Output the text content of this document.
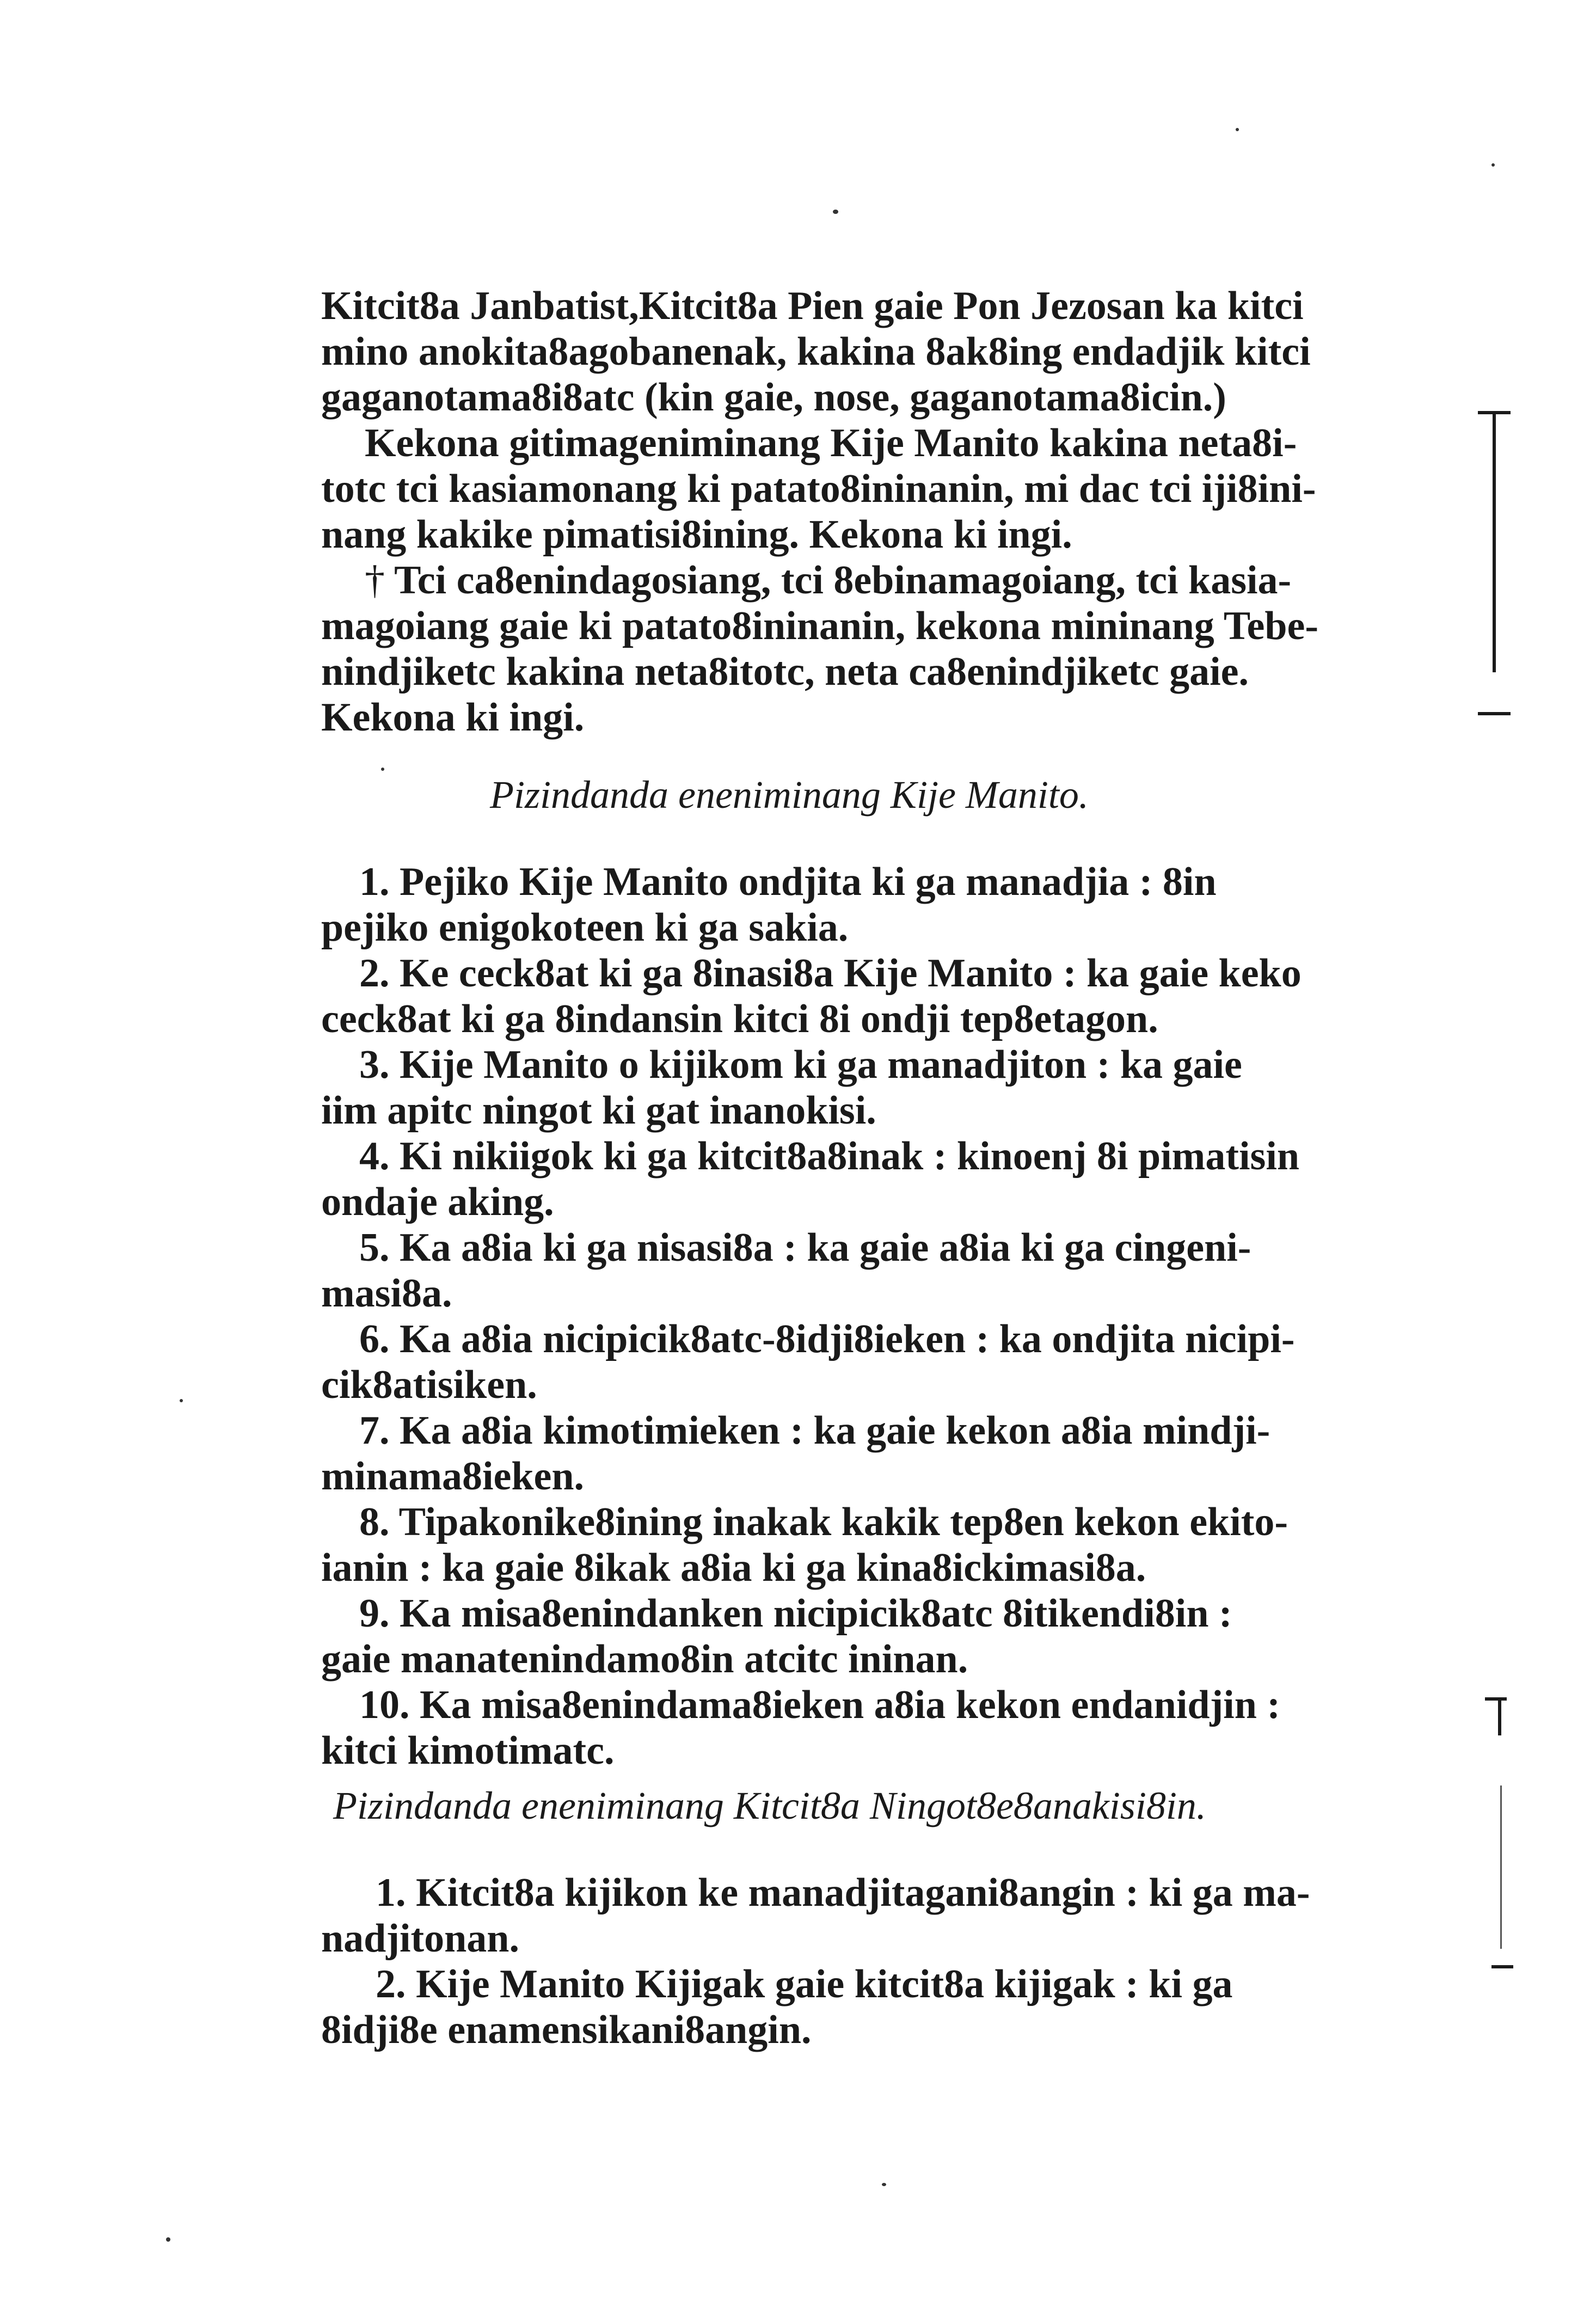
Kitcit8a Janbatist,Kitcit8a Pien gaie Pon Jezosan ka kitci
mino anokita8agobanenak, kakina 8ak8ing endadjik kitci
gaganotama8i8atc (kin gaie, nose, gaganotama8icin.)
Kekona gitimageniminang Kije Manito kakina neta8i-
totc tci kasiamonang ki patato8ininanin, mi dac tci iji8ini-
nang kakike pimatisi8ining. Kekona ki ingi.
† Tci ca8enindagosiang, tci 8ebinamagoiang, tci kasia-
magoiang gaie ki patato8ininanin, kekona mininang Tebe-
nindjiketc kakina neta8itotc, neta ca8enindjiketc gaie.
Kekona ki ingi.
Pizindanda eneniminang Kije Manito.
1. Pejiko Kije Manito ondjita ki ga manadjia : 8in
pejiko enigokoteen ki ga sakia.
2. Ke ceck8at ki ga 8inasi8a Kije Manito : ka gaie keko
ceck8at ki ga 8indansin kitci 8i ondji tep8etagon.
3. Kije Manito o kijikom ki ga manadjiton : ka gaie
iim apitc ningot ki gat inanokisi.
4. Ki nikiigok ki ga kitcit8a8inak : kinoenj 8i pimatisin
ondaje aking.
5. Ka a8ia ki ga nisasi8a : ka gaie a8ia ki ga cingeni-
masi8a.
6. Ka a8ia nicipicik8atc-8idji8ieken : ka ondjita nicipi-
cik8atisiken.
7. Ka a8ia kimotimieken : ka gaie kekon a8ia mindji-
minama8ieken.
8. Tipakonike8ining inakak kakik tep8en kekon ekito-
ianin : ka gaie 8ikak a8ia ki ga kina8ickimasi8a.
9. Ka misa8enindanken nicipicik8atc 8itikendi8in :
gaie manatenindamo8in atcitc ininan.
10. Ka misa8enindama8ieken a8ia kekon endanidjin :
kitci kimotimatc.
Pizindanda eneniminang Kitcit8a Ningot8e8anakisi8in.
1. Kitcit8a kijikon ke manadjitagani8angin : ki ga ma-
nadjitonan.
2. Kije Manito Kijigak gaie kitcit8a kijigak : ki ga
8idji8e enamensikani8angin.
